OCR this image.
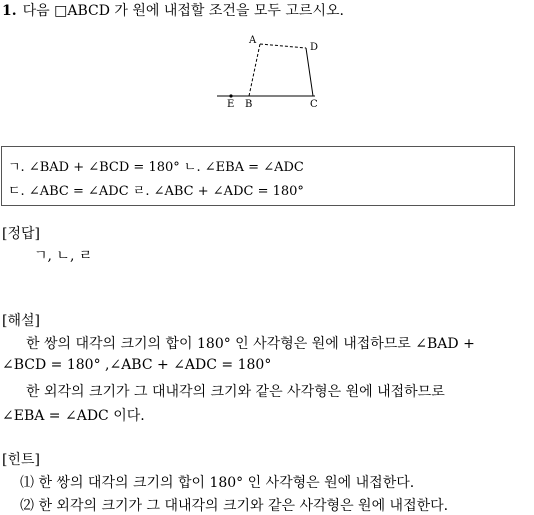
1. 다음 □ABCD 가 원에 내접할 조건을 모두 고르시오.
A
D
E B	C
ㄱ. ∠BAD + ∠BCD = 180° ㄴ. ∠EBA = ∠ADC
ㄷ. ∠ABC = ∠ADC ㄹ. ∠ABC + ∠ADC = 180°
[정답]
ㄱ, ㄴ, ㄹ
[해설]
한 쌍의 대각의 크기의 합이 180° 인 사각형은 원에 내접하므로 ∠BAD +
∠BCD = 180° ,∠ABC + ∠ADC = 180°
한 외각의 크기가 그 대내각의 크기와 같은 사각형은 원에 내접하므로
∠EBA = ∠ADC 이다.
[힌트]
⑴ 한 쌍의 대각의 크기의 합이 180° 인 사각형은 원에 내접한다.
⑵ 한 외각의 크기가 그 대내각의 크기와 같은 사각형은 원에 내접한다.
